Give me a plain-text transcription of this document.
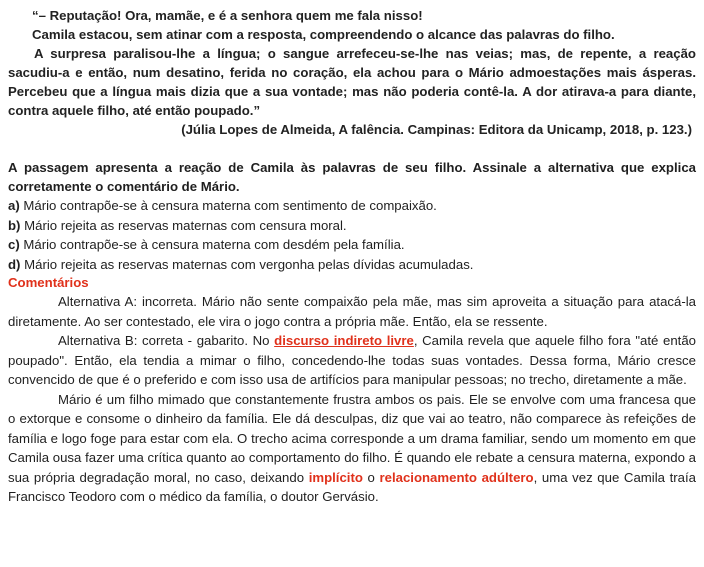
“– Reputação! Ora, mamãe, e é a senhora quem me fala nisso!

Camila estacou, sem atinar com a resposta, compreendendo o alcance das palavras do filho.

A surpresa paralisou-lhe a língua; o sangue arrefeceu-se-lhe nas veias; mas, de repente, a reação sacudiu-a e então, num desatino, ferida no coração, ela achou para o Mário admoestações mais ásperas. Percebeu que a língua mais dizia que a sua vontade; mas não poderia contê-la. A dor atirava-a para diante, contra aquele filho, até então poupado.”

(Júlia Lopes de Almeida, A falência. Campinas: Editora da Unicamp, 2018, p. 123.)

A passagem apresenta a reação de Camila às palavras de seu filho. Assinale a alternativa que explica corretamente o comentário de Mário.

a) Mário contrapõe-se à censura materna com sentimento de compaixão.

b) Mário rejeita as reservas maternas com censura moral.

c) Mário contrapõe-se à censura materna com desdém pela família.

d) Mário rejeita as reservas maternas com vergonha pelas dívidas acumuladas.

Comentários

Alternativa A: incorreta. Mário não sente compaixão pela mãe, mas sim aproveita a situação para atacá-la diretamente. Ao ser contestado, ele vira o jogo contra a própria mãe. Então, ela se ressente.

Alternativa B: correta - gabarito. No discurso indireto livre, Camila revela que aquele filho fora "até então poupado". Então, ela tendia a mimar o filho, concedendo-lhe todas suas vontades. Dessa forma, Mário cresce convencido de que é o preferido e com isso usa de artifícios para manipular pessoas; no trecho, diretamente a mãe.

Mário é um filho mimado que constantemente frustra ambos os pais. Ele se envolve com uma francesa que o extorque e consome o dinheiro da família. Ele dá desculpas, diz que vai ao teatro, não comparece às refeições de família e logo foge para estar com ela. O trecho acima corresponde a um drama familiar, sendo um momento em que Camila ousa fazer uma crítica quanto ao comportamento do filho. É quando ele rebate a censura materna, expondo a sua própria degradação moral, no caso, deixando implícito o relacionamento adúltero, uma vez que Camila traía Francisco Teodoro com o médico da família, o doutor Gervásio.
